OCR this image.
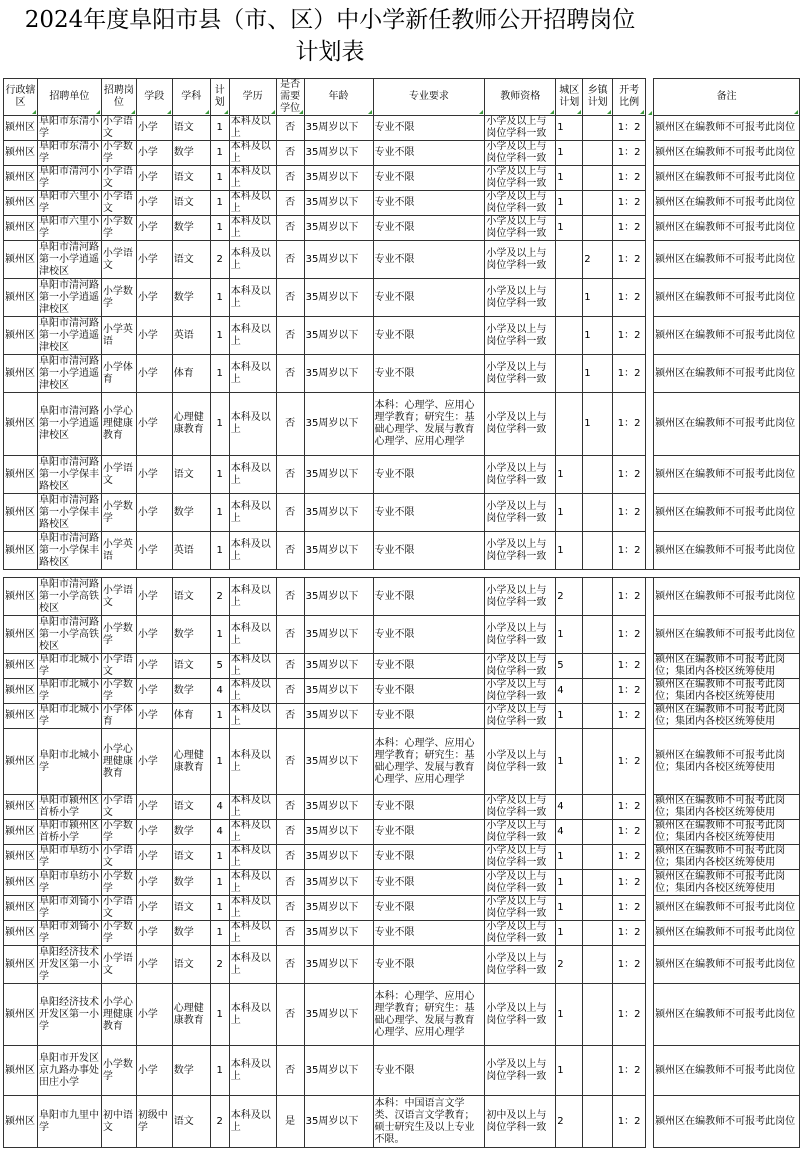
2024年度阜阳市县（市、区）中小学新任教师公开招聘岗位
计划表
行政辖区	招聘单位	招聘岗位	学段	学科	计划	学历	是否需要学位	年龄	专业要求	教师资格	城区计划	乡镇计划	开考比例		备注
颍州区	阜阳市东清小学	小学语文	小学	语文	1	本科及以上	否	35周岁以下	专业不限	小学及以上与岗位学科一致	1		1：2		颍州区在编教师不可报考此岗位
颍州区	阜阳市东清小学	小学数学	小学	数学	1	本科及以上	否	35周岁以下	专业不限	小学及以上与岗位学科一致	1		1：2		颍州区在编教师不可报考此岗位
颍州区	阜阳市清河小学	小学语文	小学	语文	1	本科及以上	否	35周岁以下	专业不限	小学及以上与岗位学科一致	1		1：2		颍州区在编教师不可报考此岗位
颍州区	阜阳市六里小学	小学语文	小学	语文	1	本科及以上	否	35周岁以下	专业不限	小学及以上与岗位学科一致	1		1：2		颍州区在编教师不可报考此岗位
颍州区	阜阳市六里小学	小学数学	小学	数学	1	本科及以上	否	35周岁以下	专业不限	小学及以上与岗位学科一致	1		1：2		颍州区在编教师不可报考此岗位
颍州区	阜阳市清河路第一小学逍遥津校区	小学语文	小学	语文	2	本科及以上	否	35周岁以下	专业不限	小学及以上与岗位学科一致		2	1：2		颍州区在编教师不可报考此岗位
颍州区	阜阳市清河路第一小学逍遥津校区	小学数学	小学	数学	1	本科及以上	否	35周岁以下	专业不限	小学及以上与岗位学科一致		1	1：2		颍州区在编教师不可报考此岗位
颍州区	阜阳市清河路第一小学逍遥津校区	小学英语	小学	英语	1	本科及以上	否	35周岁以下	专业不限	小学及以上与岗位学科一致		1	1：2		颍州区在编教师不可报考此岗位
颍州区	阜阳市清河路第一小学逍遥津校区	小学体育	小学	体育	1	本科及以上	否	35周岁以下	专业不限	小学及以上与岗位学科一致		1	1：2		颍州区在编教师不可报考此岗位
颍州区	阜阳市清河路第一小学逍遥津校区	小学心理健康教育	小学	心理健康教育	1	本科及以上	否	35周岁以下	本科：心理学、应用心理学教育；研究生：基础心理学、发展与教育心理学、应用心理学	小学及以上与岗位学科一致		1	1：2		颍州区在编教师不可报考此岗位
颍州区	阜阳市清河路第一小学保丰路校区	小学语文	小学	语文	1	本科及以上	否	35周岁以下	专业不限	小学及以上与岗位学科一致	1		1：2		颍州区在编教师不可报考此岗位
颍州区	阜阳市清河路第一小学保丰路校区	小学数学	小学	数学	1	本科及以上	否	35周岁以下	专业不限	小学及以上与岗位学科一致	1		1：2		颍州区在编教师不可报考此岗位
颍州区	阜阳市清河路第一小学保丰路校区	小学英语	小学	英语	1	本科及以上	否	35周岁以下	专业不限	小学及以上与岗位学科一致	1		1：2		颍州区在编教师不可报考此岗位

颍州区	阜阳市清河路第一小学高铁校区	小学语文	小学	语文	2	本科及以上	否	35周岁以下	专业不限	小学及以上与岗位学科一致	2		1：2		颍州区在编教师不可报考此岗位
颍州区	阜阳市清河路第一小学高铁校区	小学数学	小学	数学	1	本科及以上	否	35周岁以下	专业不限	小学及以上与岗位学科一致	1		1：2		颍州区在编教师不可报考此岗位
颍州区	阜阳市北城小学	小学语文	小学	语文	5	本科及以上	否	35周岁以下	专业不限	小学及以上与岗位学科一致	5		1：2		颍州区在编教师不可报考此岗位；集团内各校区统筹使用
颍州区	阜阳市北城小学	小学数学	小学	数学	4	本科及以上	否	35周岁以下	专业不限	小学及以上与岗位学科一致	4		1：2		颍州区在编教师不可报考此岗位；集团内各校区统筹使用
颍州区	阜阳市北城小学	小学体育	小学	体育	1	本科及以上	否	35周岁以下	专业不限	小学及以上与岗位学科一致	1		1：2		颍州区在编教师不可报考此岗位；集团内各校区统筹使用
颍州区	阜阳市北城小学	小学心理健康教育	小学	心理健康教育	1	本科及以上	否	35周岁以下	本科：心理学、应用心理学教育；研究生：基础心理学、发展与教育心理学、应用心理学	小学及以上与岗位学科一致	1		1：2		颍州区在编教师不可报考此岗位；集团内各校区统筹使用
颍州区	阜阳市颍州区首桥小学	小学语文	小学	语文	4	本科及以上	否	35周岁以下	专业不限	小学及以上与岗位学科一致	4		1：2		颍州区在编教师不可报考此岗位；集团内各校区统筹使用
颍州区	阜阳市颍州区首桥小学	小学数学	小学	数学	4	本科及以上	否	35周岁以下	专业不限	小学及以上与岗位学科一致	4		1：2		颍州区在编教师不可报考此岗位；集团内各校区统筹使用
颍州区	阜阳市阜纺小学	小学语文	小学	语文	1	本科及以上	否	35周岁以下	专业不限	小学及以上与岗位学科一致	1		1：2		颍州区在编教师不可报考此岗位；集团内各校区统筹使用
颍州区	阜阳市阜纺小学	小学数学	小学	数学	1	本科及以上	否	35周岁以下	专业不限	小学及以上与岗位学科一致	1		1：2		颍州区在编教师不可报考此岗位；集团内各校区统筹使用
颍州区	阜阳市刘锜小学	小学语文	小学	语文	1	本科及以上	否	35周岁以下	专业不限	小学及以上与岗位学科一致	1		1：2		颍州区在编教师不可报考此岗位
颍州区	阜阳市刘锜小学	小学数学	小学	数学	1	本科及以上	否	35周岁以下	专业不限	小学及以上与岗位学科一致	1		1：2		颍州区在编教师不可报考此岗位
颍州区	阜阳经济技术开发区第一小学	小学语文	小学	语文	2	本科及以上	否	35周岁以下	专业不限	小学及以上与岗位学科一致	2		1：2		颍州区在编教师不可报考此岗位
颍州区	阜阳经济技术开发区第一小学	小学心理健康教育	小学	心理健康教育	1	本科及以上	否	35周岁以下	本科：心理学、应用心理学教育；研究生：基础心理学、发展与教育心理学、应用心理学	小学及以上与岗位学科一致	1		1：2		颍州区在编教师不可报考此岗位
颍州区	阜阳市开发区京九路办事处田庄小学	小学数学	小学	数学	1	本科及以上	否	35周岁以下	专业不限	小学及以上与岗位学科一致	1		1：2		颍州区在编教师不可报考此岗位
颍州区	阜阳市九里中学	初中语文	初级中学	语文	2	本科及以上	是	35周岁以下	本科：中国语言文学类、汉语言文学教育；硕士研究生及以上专业不限。	初中及以上与岗位学科一致	2		1：2		颍州区在编教师不可报考此岗位
